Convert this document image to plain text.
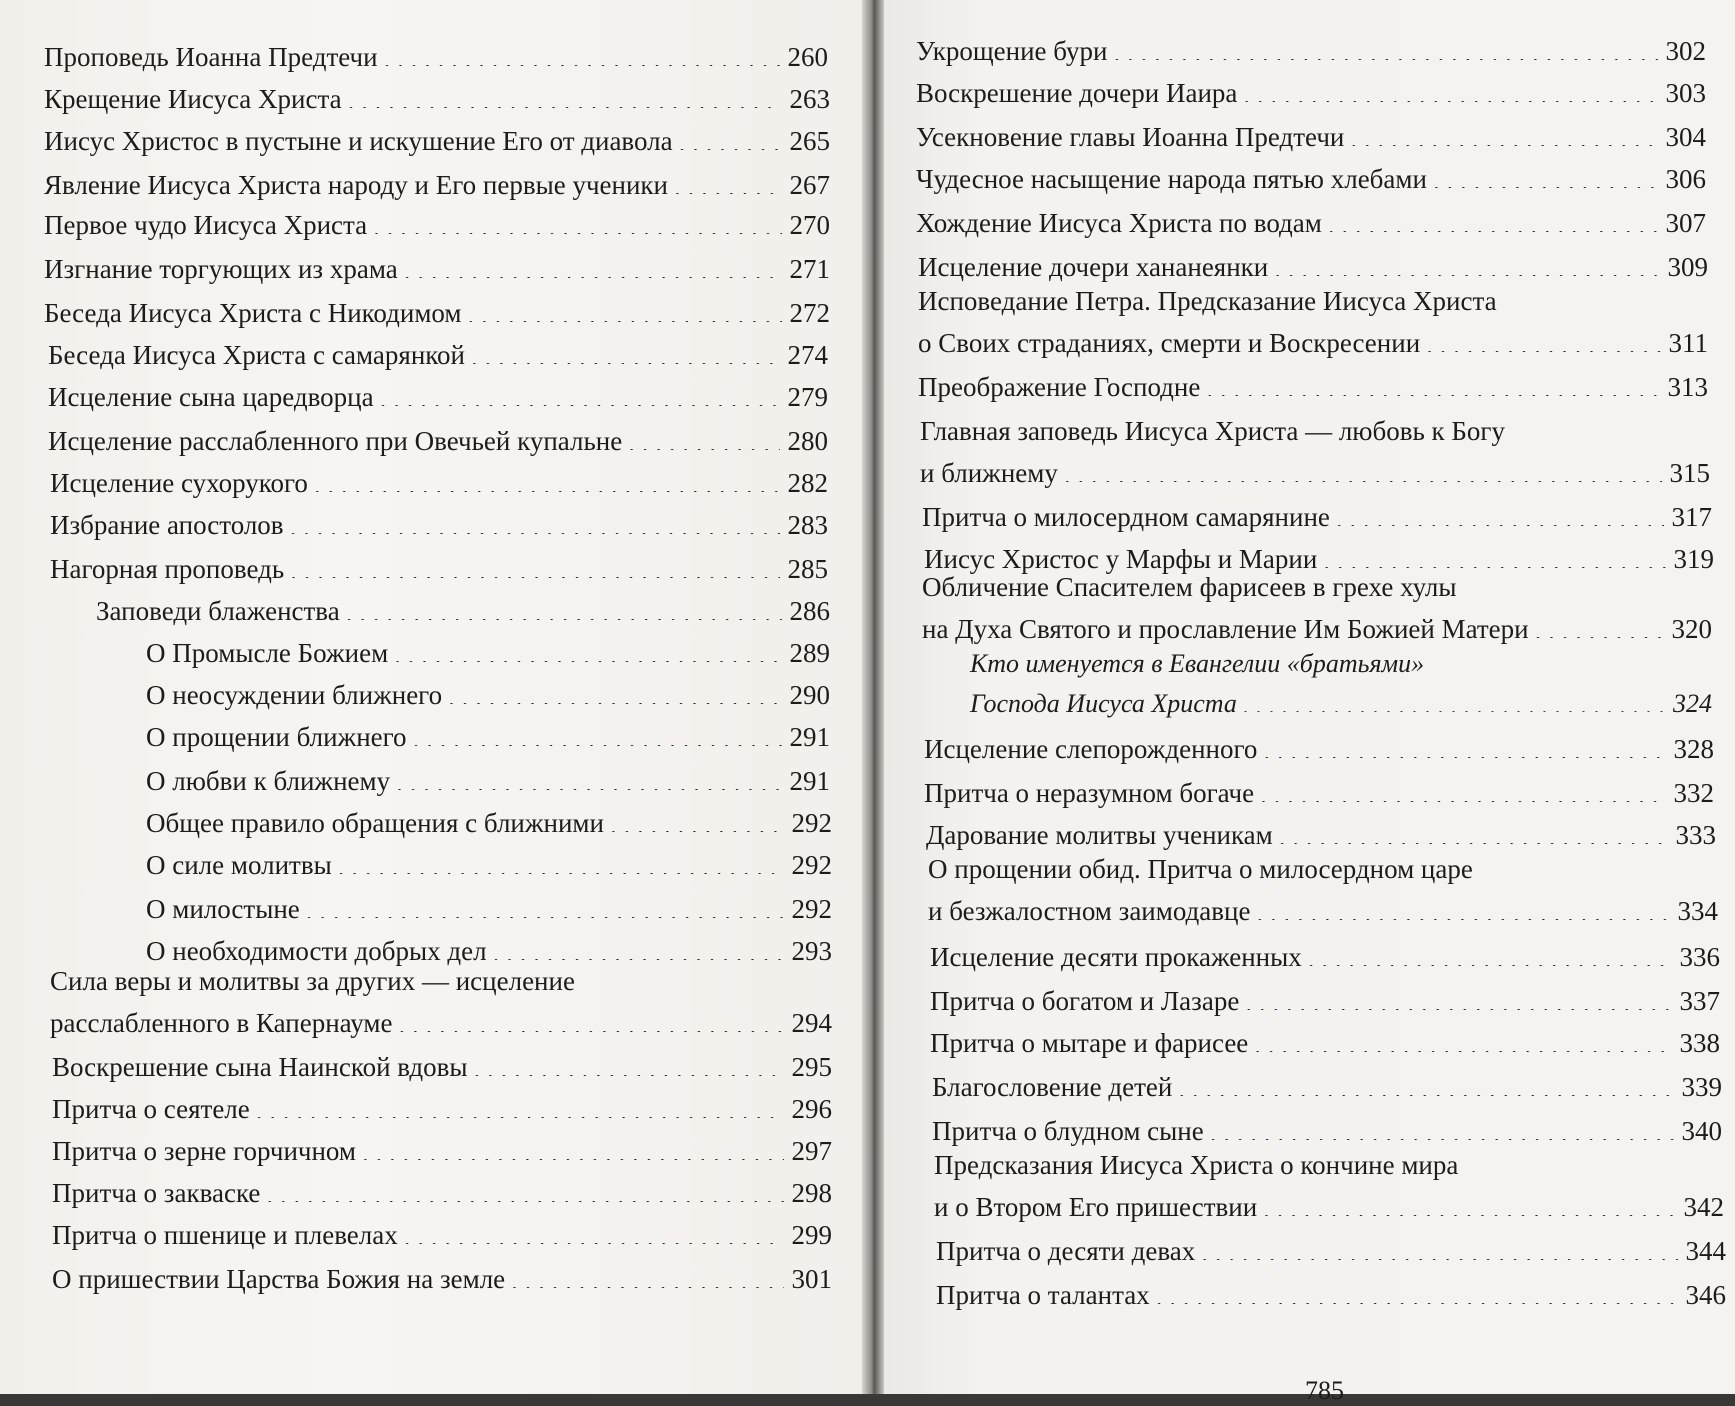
Проповедь Иоанна Предтечи . . .	260
Крещение Иисуса Христа . . .	263
Иисус Христос в пустыне и искушение Его от диавола . . .	265
Явление Иисуса Христа народу и Его первые ученики . . .	267
Первое чудо Иисуса Христа . . .	270
Изгнание торгующих из храма . . .	271
Беседа Иисуса Христа с Никодимом . . .	272
Беседа Иисуса Христа с самарянкой . . .	274
Исцеление сына царедворца . . .	279
Исцеление расслабленного при Овечьей купальне . . .	280
Исцеление сухорукого . . .	282
Избрание апостолов . . .	283
Нагорная проповедь . . .	285
Заповеди блаженства . . .	286
О Промысле Божием . . .	289
О неосуждении ближнего . . .	290
О прощении ближнего . . .	291
О любви к ближнему . . .	291
Общее правило обращения с ближними . . .	292
О силе молитвы . . .	292
О милостыне . . .	292
О необходимости добрых дел . . .	293
Сила веры и молитвы за других — исцеление
расслабленного в Капернауме . . .	294
Воскрешение сына Наинской вдовы . . .	295
Притча о сеятеле . . .	296
Притча о зерне горчичном . . .	297
Притча о закваске . . .	298
Притча о пшенице и плевелах . . .	299
О пришествии Царства Божия на земле . . .	301
Укрощение бури . . .	302
Воскрешение дочери Иаира . . .	303
Усекновение главы Иоанна Предтечи . . .	304
Чудесное насыщение народа пятью хлебами . . .	306
Хождение Иисуса Христа по водам . . .	307
Исцеление дочери хананеянки . . .	309
Исповедание Петра. Предсказание Иисуса Христа
о Своих страданиях, смерти и Воскресении . . .	311
Преображение Господне . . .	313
Главная заповедь Иисуса Христа — любовь к Богу
и ближнему . . .	315
Притча о милосердном самарянине . . .	317
Иисус Христос у Марфы и Марии . . .	319
Обличение Спасителем фарисеев в грехе хулы
на Духа Святого и прославление Им Божией Матери . . .	320
Кто именуется в Евангелии «братьями»
Господа Иисуса Христа . . .	324
Исцеление слепорожденного . . .	328
Притча о неразумном богаче . . .	332
Дарование молитвы ученикам . . .	333
О прощении обид. Притча о милосердном царе
и безжалостном заимодавце . . .	334
Исцеление десяти прокаженных . . .	336
Притча о богатом и Лазаре . . .	337
Притча о мытаре и фарисее . . .	338
Благословение детей . . .	339
Притча о блудном сыне . . .	340
Предсказания Иисуса Христа о кончине мира
и о Втором Его пришествии . . .	342
Притча о десяти девах . . .	344
Притча о талантах . . .	346
785
